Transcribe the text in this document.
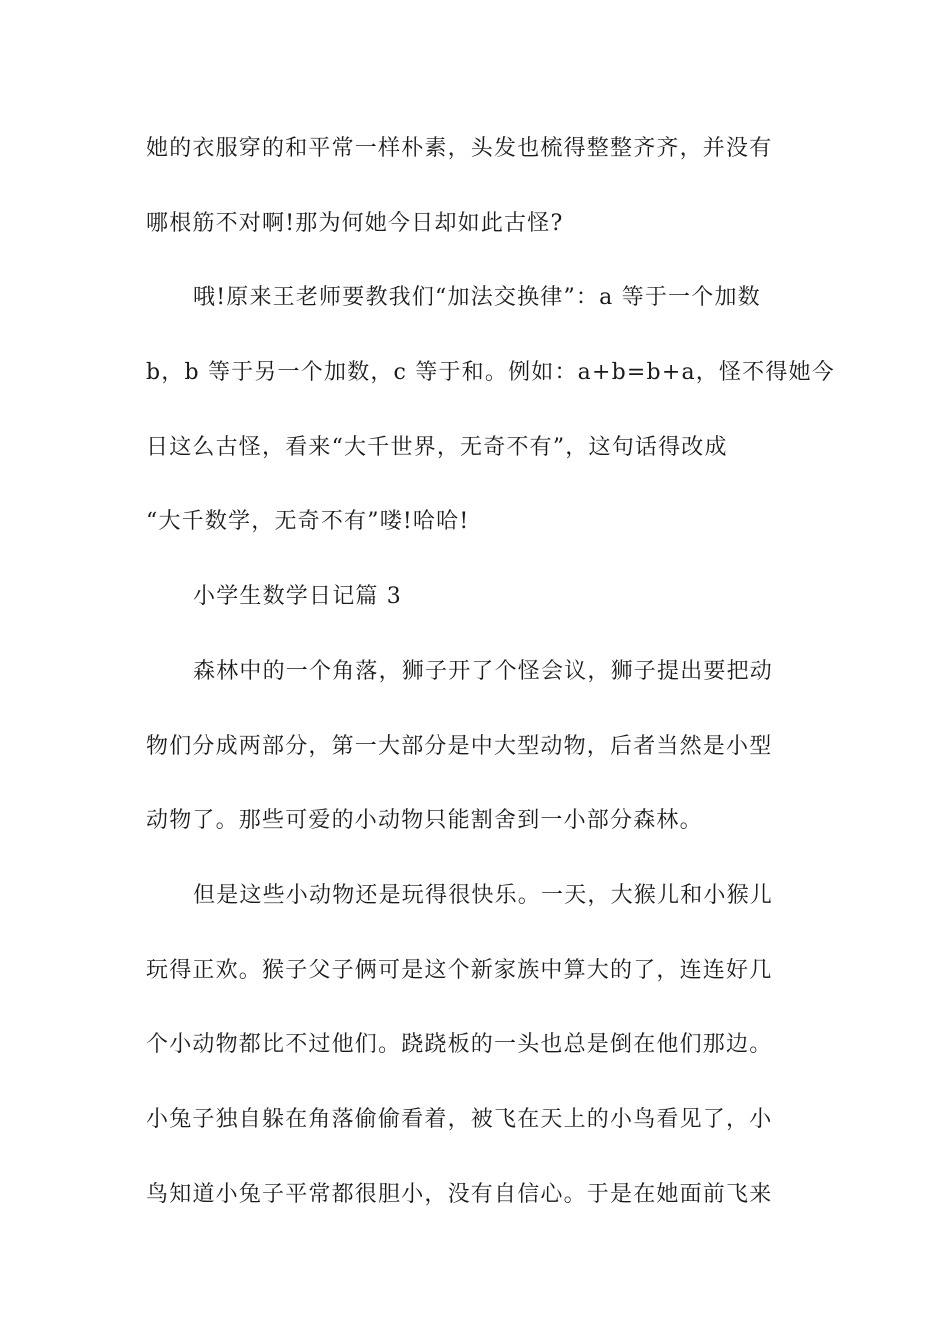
她的衣服穿的和平常一样朴素，头发也梳得整整齐齐，并没有
哪根筋不对啊!那为何她今日却如此古怪?
哦!原来王老师要教我们“加法交换律”：a 等于一个加数
b，b 等于另一个加数，c 等于和。例如：a+b=b+a，怪不得她今
日这么古怪，看来“大千世界，无奇不有”，这句话得改成
“大千数学，无奇不有”喽!哈哈!
小学生数学日记篇 3
森林中的一个角落，狮子开了个怪会议，狮子提出要把动
物们分成两部分，第一大部分是中大型动物，后者当然是小型
动物了。那些可爱的小动物只能割舍到一小部分森林。
但是这些小动物还是玩得很快乐。一天，大猴儿和小猴儿
玩得正欢。猴子父子俩可是这个新家族中算大的了，连连好几
个小动物都比不过他们。跷跷板的一头也总是倒在他们那边。
小兔子独自躲在角落偷偷看着，被飞在天上的小鸟看见了，小
鸟知道小兔子平常都很胆小，没有自信心。于是在她面前飞来
